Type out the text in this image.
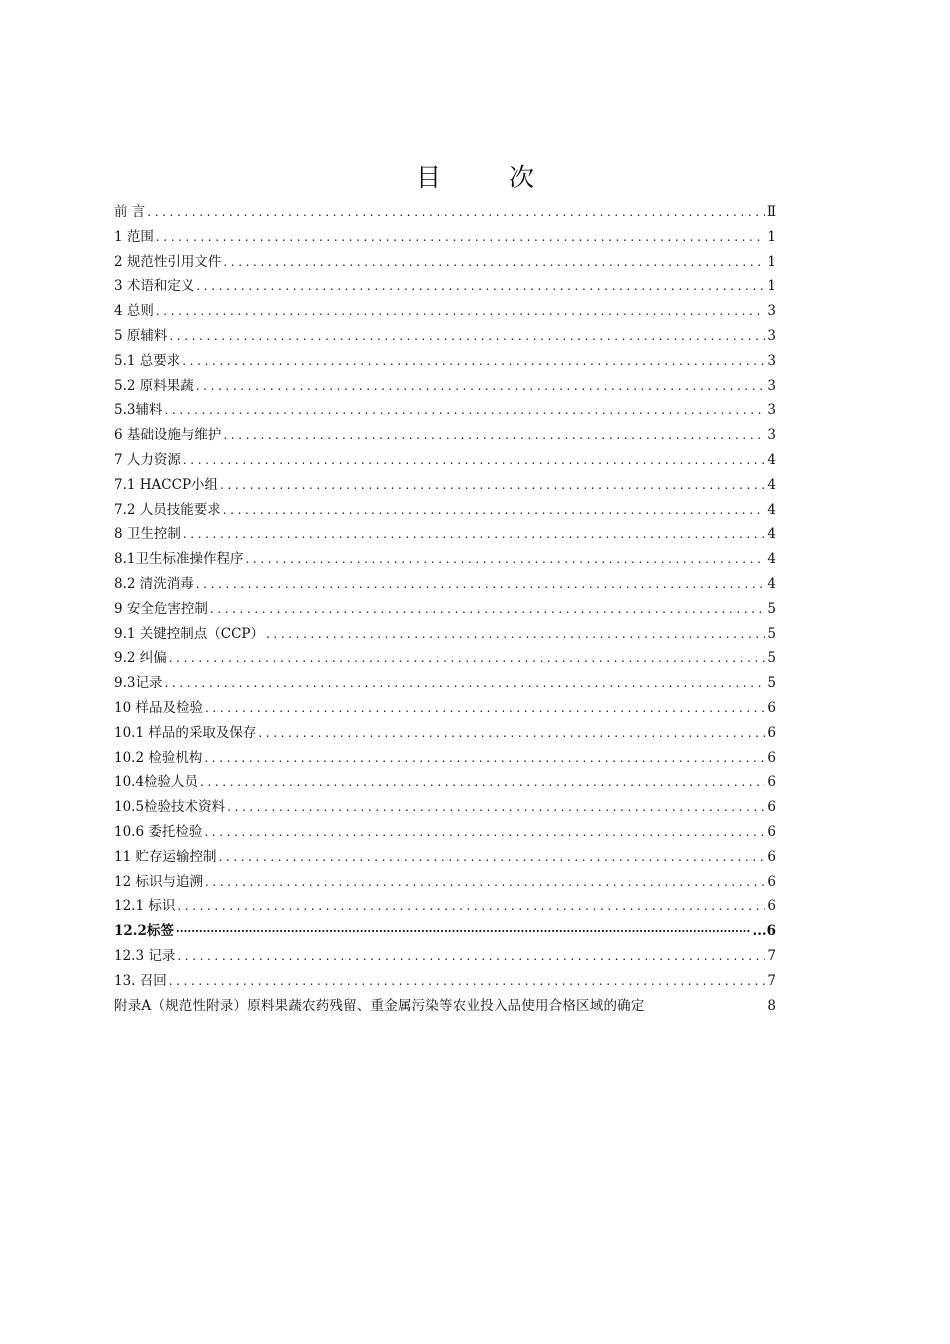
目 次
前 言 .....	Ⅱ
1 范围 .....	1
2 规范性引用文件 .....	1
3 术语和定义 .....	1
4 总则 .....	3
5 原辅料 .....	3
5.1 总要求 .....	3
5.2 原料果蔬 .....	3
5.3辅料 .....	3
6 基础设施与维护 .....	3
7 人力资源 .....	4
7.1 HACCP小组 .....	4
7.2 人员技能要求 .....	4
8 卫生控制 .....	4
8.1卫生标准操作程序 .....	4
8.2 清洗消毒 .....	4
9 安全危害控制 .....	5
9.1 关键控制点（CCP） .....	5
9.2 纠偏 .....	5
9.3记录 .....	5
10 样品及检验 .....	6
10.1 样品的采取及保存 .....	6
10.2 检验机构 .....	6
10.4检验人员 .....	6
10.5检验技术资料 .....	6
10.6 委托检验 .....	6
11 贮存运输控制 .....	6
12 标识与追溯 .....	6
12.1 标识 .....	6
12.2标签 ·····	...6
12.3 记录 .....	7
13. 召回 .....	7
附录A（规范性附录）原料果蔬农药残留、重金属污染等农业投入品使用合格区域的确定	8
